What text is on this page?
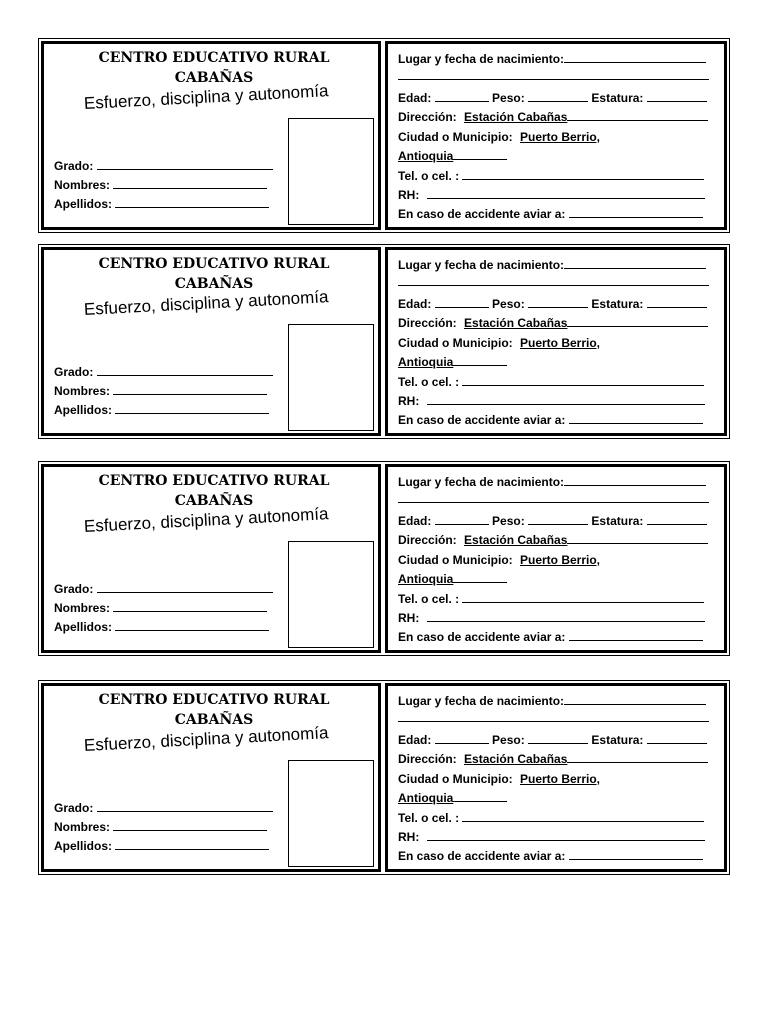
CENTRO EDUCATIVO RURAL
CABAÑAS
Esfuerzo, disciplina y autonomía
Grado:
Nombres:
Apellidos:
Lugar y fecha de nacimiento:
Edad:	Peso:	Estatura:
Dirección: Estación Cabañas
Ciudad o Municipio: Puerto Berrio,
Antioquia
Tel. o cel. :
RH:
En caso de accidente aviar a:
CENTRO EDUCATIVO RURAL
CABAÑAS
Esfuerzo, disciplina y autonomía
Grado:
Nombres:
Apellidos:
Lugar y fecha de nacimiento:
Edad:	Peso:	Estatura:
Dirección: Estación Cabañas
Ciudad o Municipio: Puerto Berrio,
Antioquia
Tel. o cel. :
RH:
En caso de accidente aviar a:
CENTRO EDUCATIVO RURAL
CABAÑAS
Esfuerzo, disciplina y autonomía
Grado:
Nombres:
Apellidos:
Lugar y fecha de nacimiento:
Edad:	Peso:	Estatura:
Dirección: Estación Cabañas
Ciudad o Municipio: Puerto Berrio,
Antioquia
Tel. o cel. :
RH:
En caso de accidente aviar a:
CENTRO EDUCATIVO RURAL
CABAÑAS
Esfuerzo, disciplina y autonomía
Grado:
Nombres:
Apellidos:
Lugar y fecha de nacimiento:
Edad:	Peso:	Estatura:
Dirección: Estación Cabañas
Ciudad o Municipio: Puerto Berrio,
Antioquia
Tel. o cel. :
RH:
En caso de accidente aviar a:
